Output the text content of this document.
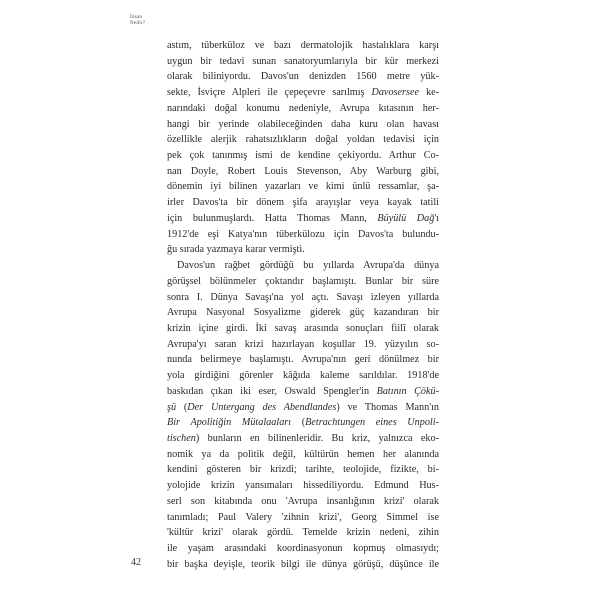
İnsan
Nedir?
astım, tüberküloz ve bazı dermatolojik hastalıklara karşı
uygun bir tedavi sunan sanatoryumlarıyla bir kür merkezi
olarak biliniyordu. Davos'un denizden 1560 metre yük-
sekte, İsviçre Alpleri ile çepeçevre sarılmış Davosersee ke-
narındaki doğal konumu nedeniyle, Avrupa kıtasının her-
hangi bir yerinde olabileceğinden daha kuru olan havası
özellikle alerjik rahatsızlıkların doğal yoldan tedavisi için
pek çok tanınmış ismi de kendine çekiyordu. Arthur Co-
nan Doyle, Robert Louis Stevenson, Aby Warburg gibi,
dönemin iyi bilinen yazarları ve kimi ünlü ressamlar, şa-
irler Davos'ta bir dönem şifa arayışlar veya kayak tatili
için bulunmuşlardı. Hatta Thomas Mann, Büyülü Dağ'ı
1912'de eşi Katya'nın tüberkülozu için Davos'ta bulundu-
ğu sırada yazmaya karar vermişti.
Davos'un rağbet gördüğü bu yıllarda Avrupa'da dünya
görüşsel bölünmeler çoktandır başlamıştı. Bunlar bir süre
sonra I. Dünya Savaşı'na yol açtı. Savaşı izleyen yıllarda
Avrupa Nasyonal Sosyalizme giderek güç kazandıran bir
krizin içine girdi. İki savaş arasında sonuçları fiilî olarak
Avrupa'yı saran krizi hazırlayan koşullar 19. yüzyılın so-
nunda belirmeye başlamıştı. Avrupa'nın geri dönülmez bir
yola girdiğini görenler kâğıda kaleme sarıldılar. 1918'de
baskıdan çıkan iki eser, Oswald Spengler'in Batının Çökü-
şü (Der Untergang des Abendlandes) ve Thomas Mann'ın
Bir Apolitiğin Mütalaaları (Betrachtungen eines Unpoli-
tischen) bunların en bilinenleridir. Bu kriz, yalnızca eko-
nomik ya da politik değil, kültürün hemen her alanında
kendini gösteren bir krizdi; tarihte, teolojide, fizikte, bi-
yolojide krizin yansımaları hissediliyordu. Edmund Hus-
serl son kitabında onu 'Avrupa insanlığının krizi' olarak
tanımladı; Paul Valery 'zihnin krizi', Georg Simmel ise
'kültür krizi' olarak gördü. Temelde krizin nedeni, zihin
ile yaşam arasındaki koordinasyonun kopmuş olmasıydı;
bir başka deyişle, teorik bilgi ile dünya görüşü, düşünce ile
42
